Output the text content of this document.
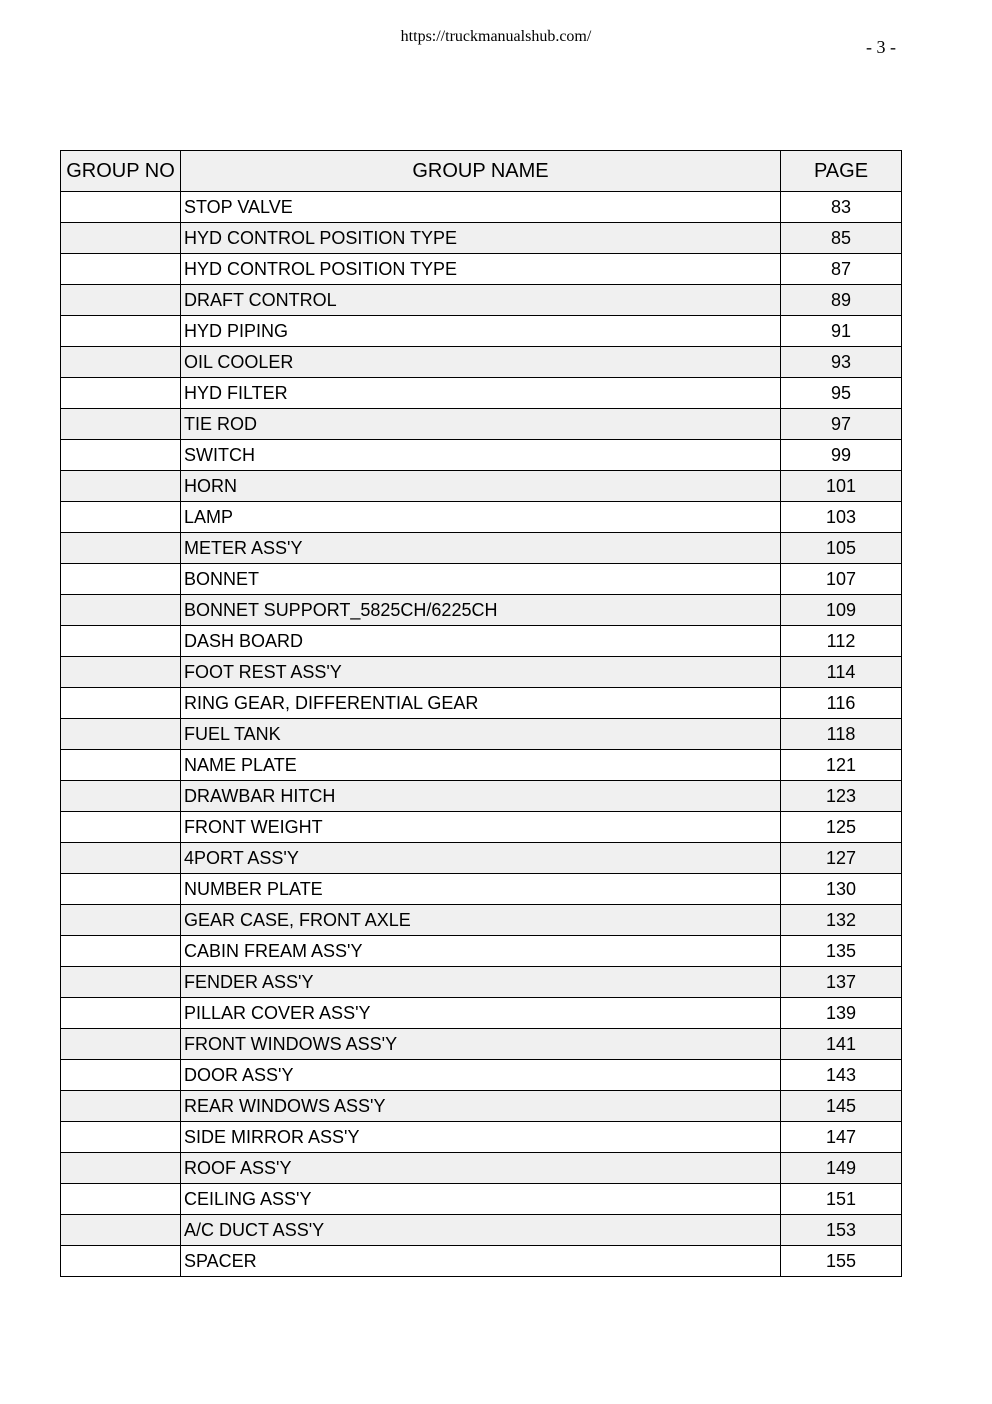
https://truckmanualshub.com/
- 3 -
GROUP NO	GROUP NAME	PAGE
	STOP VALVE	83
	HYD CONTROL POSITION TYPE	85
	HYD CONTROL POSITION TYPE	87
	DRAFT CONTROL	89
	HYD PIPING	91
	OIL COOLER	93
	HYD FILTER	95
	TIE ROD	97
	SWITCH	99
	HORN	101
	LAMP	103
	METER ASS'Y	105
	BONNET	107
	BONNET SUPPORT_5825CH/6225CH	109
	DASH BOARD	112
	FOOT REST ASS'Y	114
	RING GEAR, DIFFERENTIAL GEAR	116
	FUEL TANK	118
	NAME PLATE	121
	DRAWBAR HITCH	123
	FRONT WEIGHT	125
	4PORT ASS'Y	127
	NUMBER PLATE	130
	GEAR CASE, FRONT AXLE	132
	CABIN FREAM ASS'Y	135
	FENDER ASS'Y	137
	PILLAR COVER ASS'Y	139
	FRONT WINDOWS ASS'Y	141
	DOOR ASS'Y	143
	REAR WINDOWS ASS'Y	145
	SIDE MIRROR ASS'Y	147
	ROOF ASS'Y	149
	CEILING ASS'Y	151
	A/C DUCT ASS'Y	153
	SPACER	155
